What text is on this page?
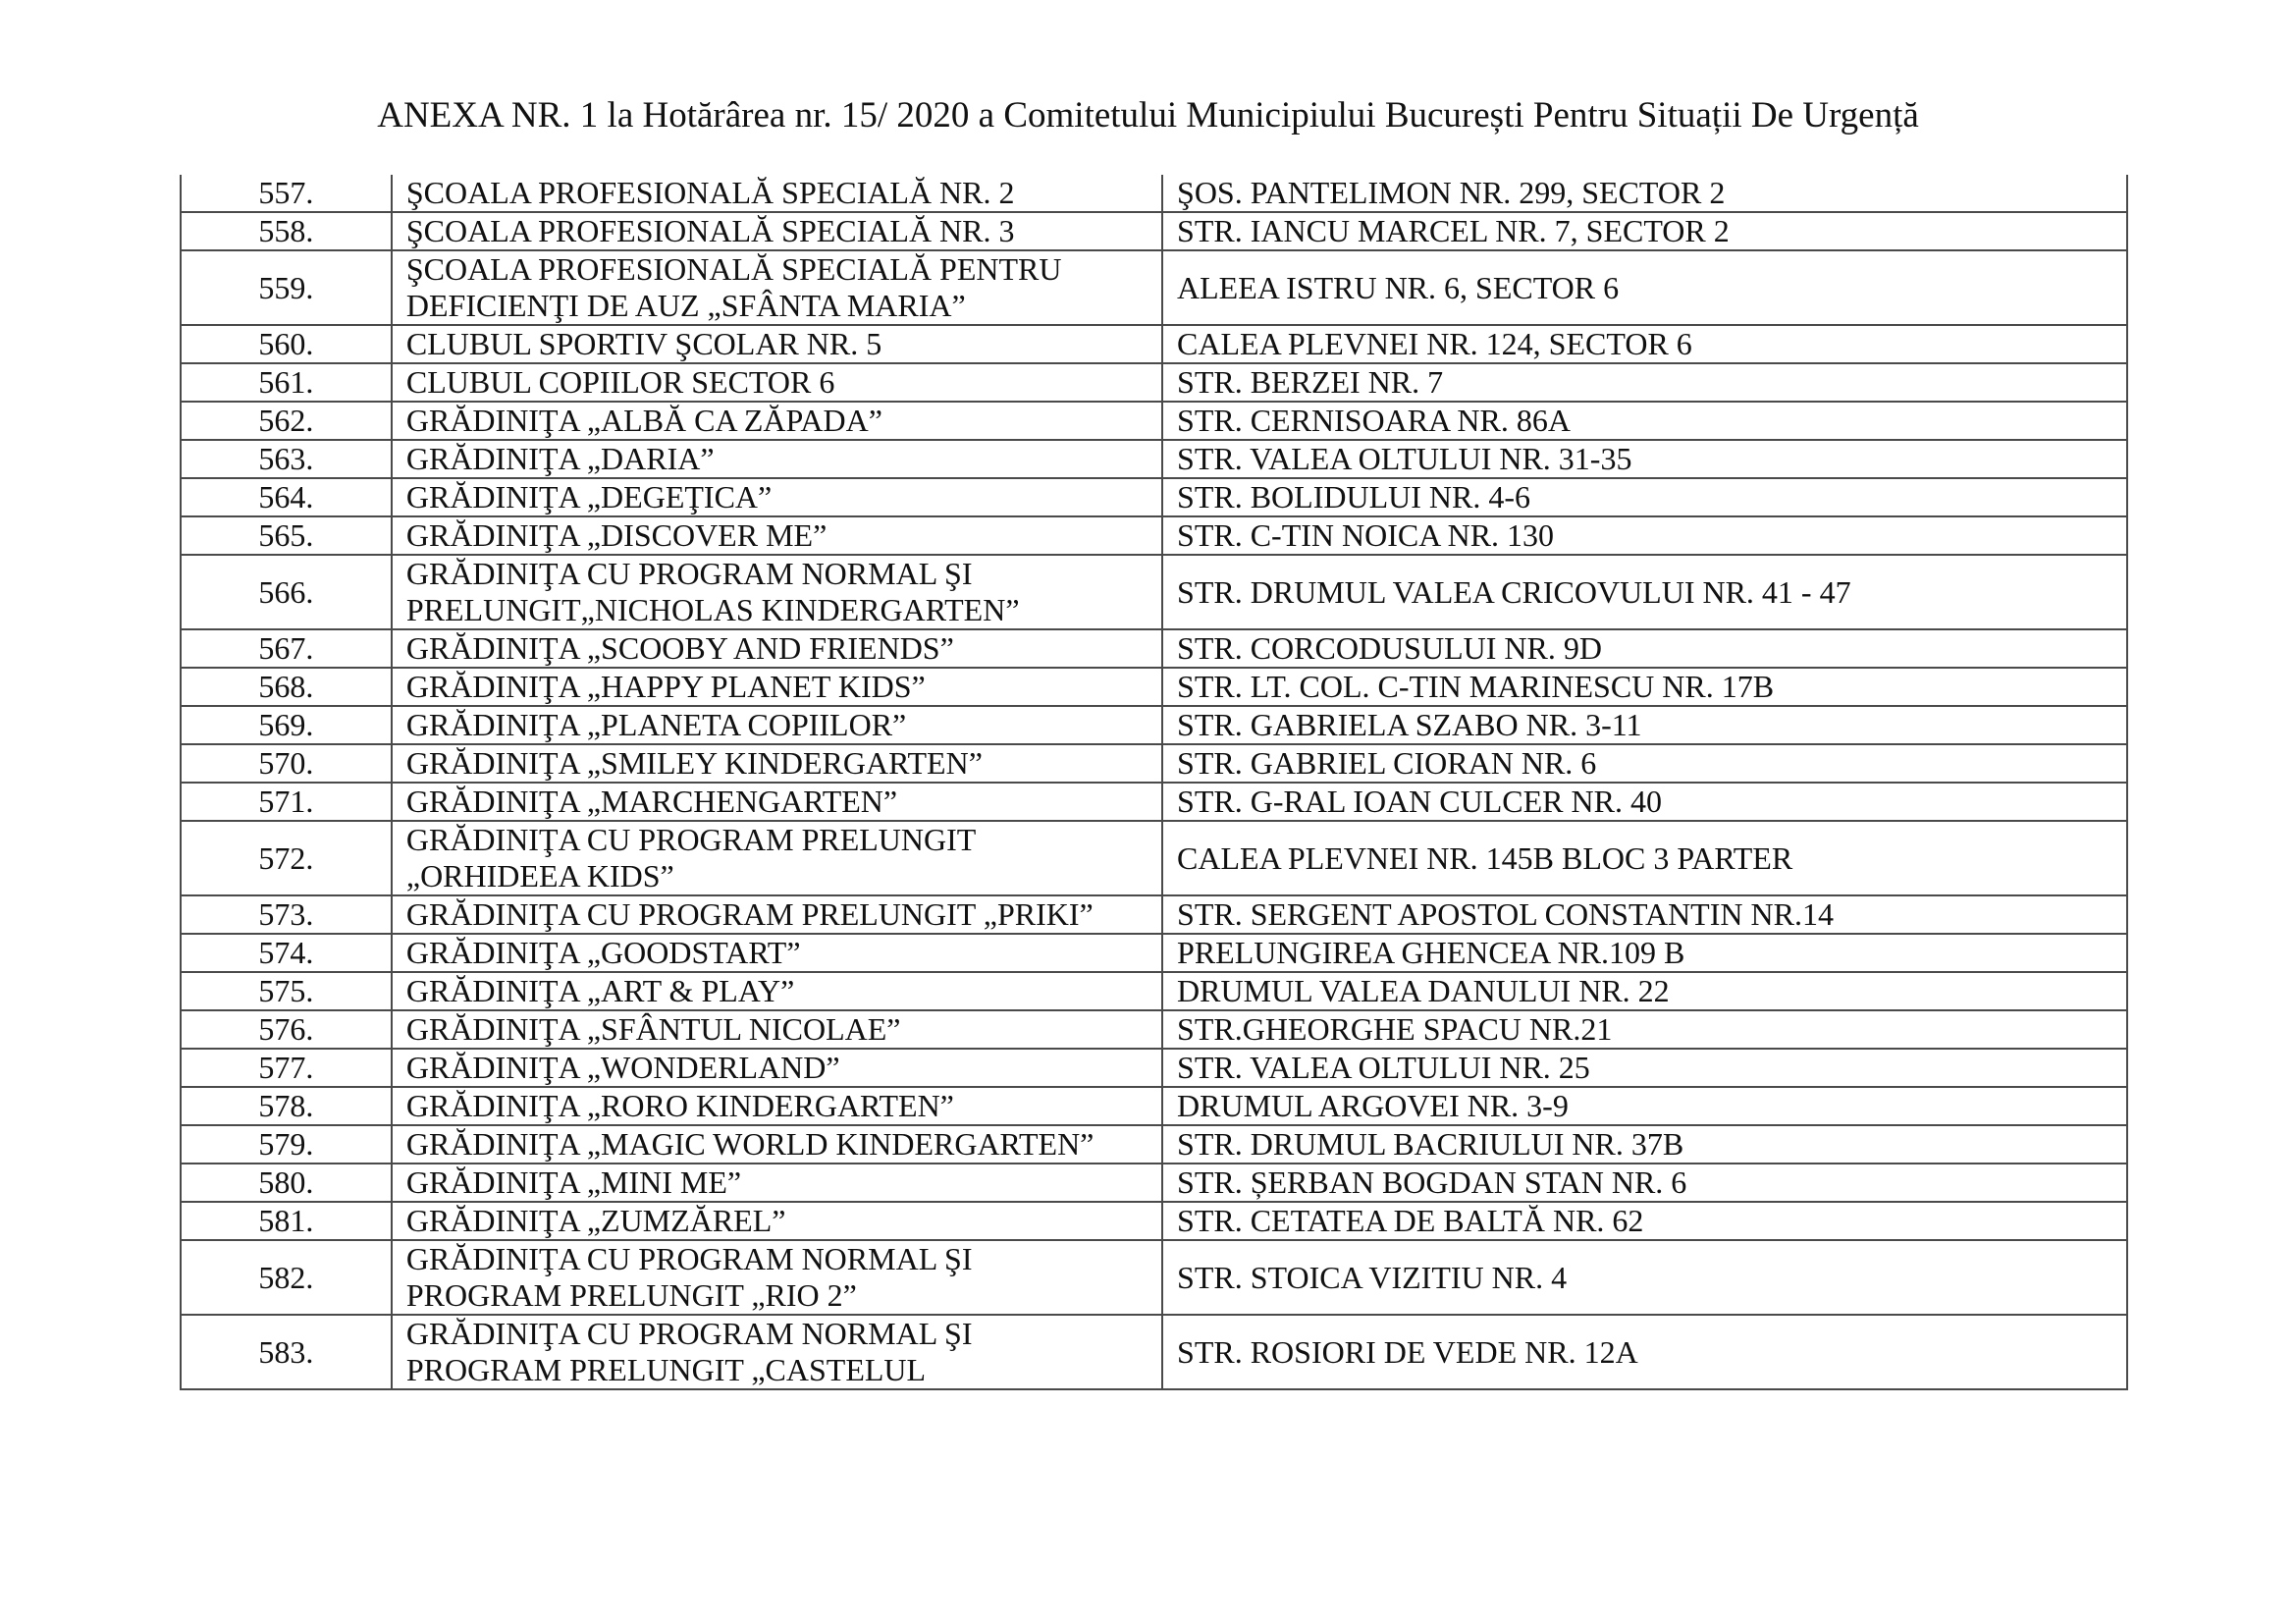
ANEXA NR. 1 la Hotărârea nr. 15/ 2020 a Comitetului Municipiului București Pentru Situații De Urgență
557.	ŞCOALA PROFESIONALĂ SPECIALĂ NR. 2	ŞOS. PANTELIMON NR. 299, SECTOR 2
558.	ŞCOALA PROFESIONALĂ SPECIALĂ NR. 3	STR. IANCU MARCEL NR. 7, SECTOR 2
559.	ŞCOALA PROFESIONALĂ SPECIALĂ PENTRU
DEFICIENŢI DE AUZ „SFÂNTA MARIA”	ALEEA ISTRU NR. 6, SECTOR 6
560.	CLUBUL SPORTIV ŞCOLAR NR. 5	CALEA PLEVNEI NR. 124, SECTOR 6
561.	CLUBUL COPIILOR SECTOR 6	STR. BERZEI NR. 7
562.	GRĂDINIŢA „ALBĂ CA ZĂPADA”	STR. CERNISOARA NR. 86A
563.	GRĂDINIŢA „DARIA”	STR. VALEA OLTULUI NR. 31-35
564.	GRĂDINIŢA „DEGEŢICA”	STR. BOLIDULUI NR. 4-6
565.	GRĂDINIŢA „DISCOVER ME”	STR. C-TIN NOICA NR. 130
566.	GRĂDINIŢA CU PROGRAM NORMAL ŞI
PRELUNGIT„NICHOLAS KINDERGARTEN”	STR. DRUMUL VALEA CRICOVULUI NR. 41 - 47
567.	GRĂDINIŢA „SCOOBY AND FRIENDS”	STR. CORCODUSULUI NR. 9D
568.	GRĂDINIŢA „HAPPY PLANET KIDS”	STR. LT. COL. C-TIN MARINESCU NR. 17B
569.	GRĂDINIŢA „PLANETA COPIILOR”	STR. GABRIELA SZABO NR. 3-11
570.	GRĂDINIŢA „SMILEY KINDERGARTEN”	STR. GABRIEL CIORAN NR. 6
571.	GRĂDINIŢA „MARCHENGARTEN”	STR. G-RAL IOAN CULCER NR. 40
572.	GRĂDINIŢA CU PROGRAM PRELUNGIT
„ORHIDEEA KIDS”	CALEA PLEVNEI NR. 145B BLOC 3 PARTER
573.	GRĂDINIŢA CU PROGRAM PRELUNGIT „PRIKI”	STR. SERGENT APOSTOL CONSTANTIN NR.14
574.	GRĂDINIŢA „GOODSTART”	PRELUNGIREA GHENCEA NR.109 B
575.	GRĂDINIŢA „ART & PLAY”	DRUMUL VALEA DANULUI NR. 22
576.	GRĂDINIŢA „SFÂNTUL NICOLAE”	STR.GHEORGHE SPACU NR.21
577.	GRĂDINIŢA „WONDERLAND”	STR. VALEA OLTULUI NR. 25
578.	GRĂDINIŢA „RORO KINDERGARTEN”	DRUMUL ARGOVEI NR. 3-9
579.	GRĂDINIŢA „MAGIC WORLD KINDERGARTEN”	STR. DRUMUL BACRIULUI NR. 37B
580.	GRĂDINIŢA „MINI ME”	STR. ȘERBAN BOGDAN STAN NR. 6
581.	GRĂDINIŢA „ZUMZĂREL”	STR. CETATEA DE BALTĂ NR. 62
582.	GRĂDINIŢA CU PROGRAM NORMAL ŞI
PROGRAM PRELUNGIT „RIO 2”	STR. STOICA VIZITIU NR. 4
583.	GRĂDINIŢA CU PROGRAM NORMAL ŞI
PROGRAM PRELUNGIT „CASTELUL	STR. ROSIORI DE VEDE NR. 12A
